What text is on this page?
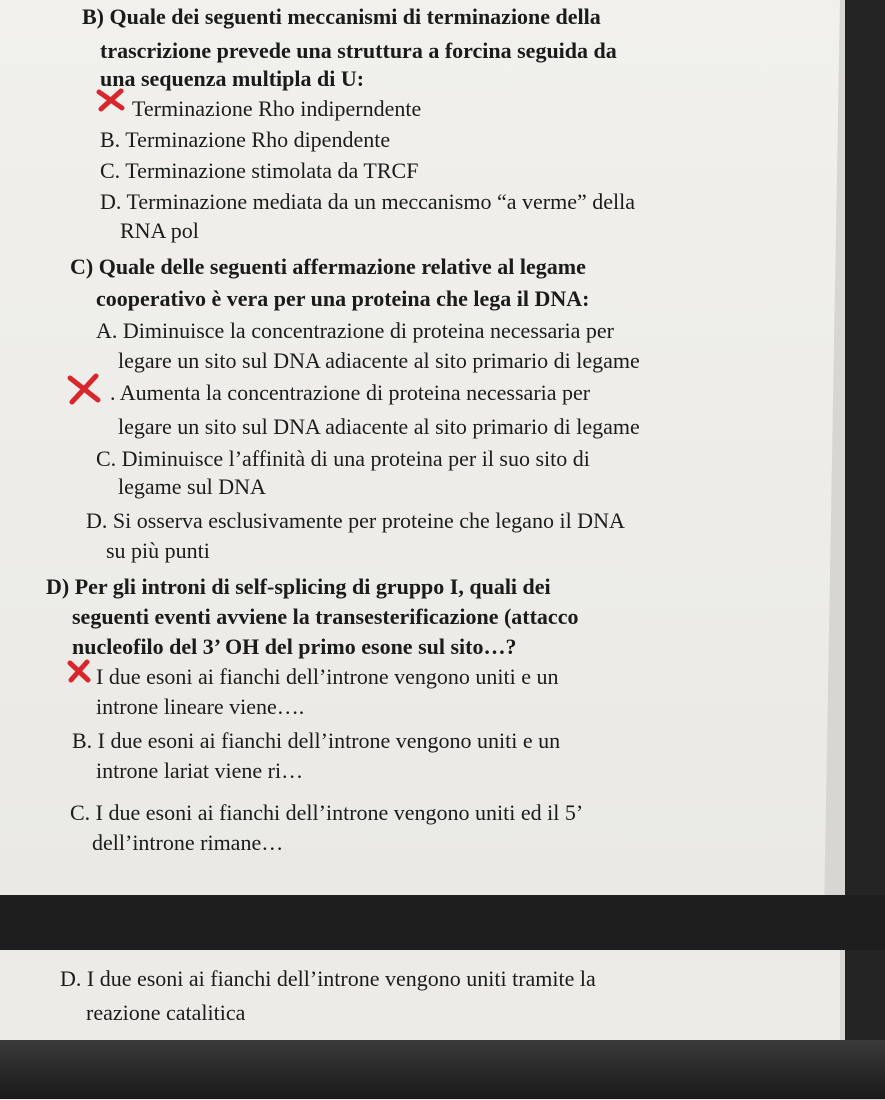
B) Quale dei seguenti meccanismi di terminazione della
trascrizione prevede una struttura a forcina seguida da
una sequenza multipla di U:
Terminazione Rho indiperndente
B. Terminazione Rho dipendente
C. Terminazione stimolata da TRCF
D. Terminazione mediata da un meccanismo “a verme” della
RNA pol
C) Quale delle seguenti affermazione relative al legame
cooperativo è vera per una proteina che lega il DNA:
A. Diminuisce la concentrazione di proteina necessaria per
legare un sito sul DNA adiacente al sito primario di legame
. Aumenta la concentrazione di proteina necessaria per
legare un sito sul DNA adiacente al sito primario di legame
C. Diminuisce l’affinità di una proteina per il suo sito di
legame sul DNA
D. Si osserva esclusivamente per proteine che legano il DNA
su più punti
D) Per gli introni di self-splicing di gruppo I, quali dei
seguenti eventi avviene la transesterificazione (attacco
nucleofilo del 3’ OH del primo esone sul sito…?
I due esoni ai fianchi dell’introne vengono uniti e un
introne lineare viene….
B. I due esoni ai fianchi dell’introne vengono uniti e un
introne lariat viene ri…
C. I due esoni ai fianchi dell’introne vengono uniti ed il 5’
dell’introne rimane…
D. I due esoni ai fianchi dell’introne vengono uniti tramite la
reazione catalitica
